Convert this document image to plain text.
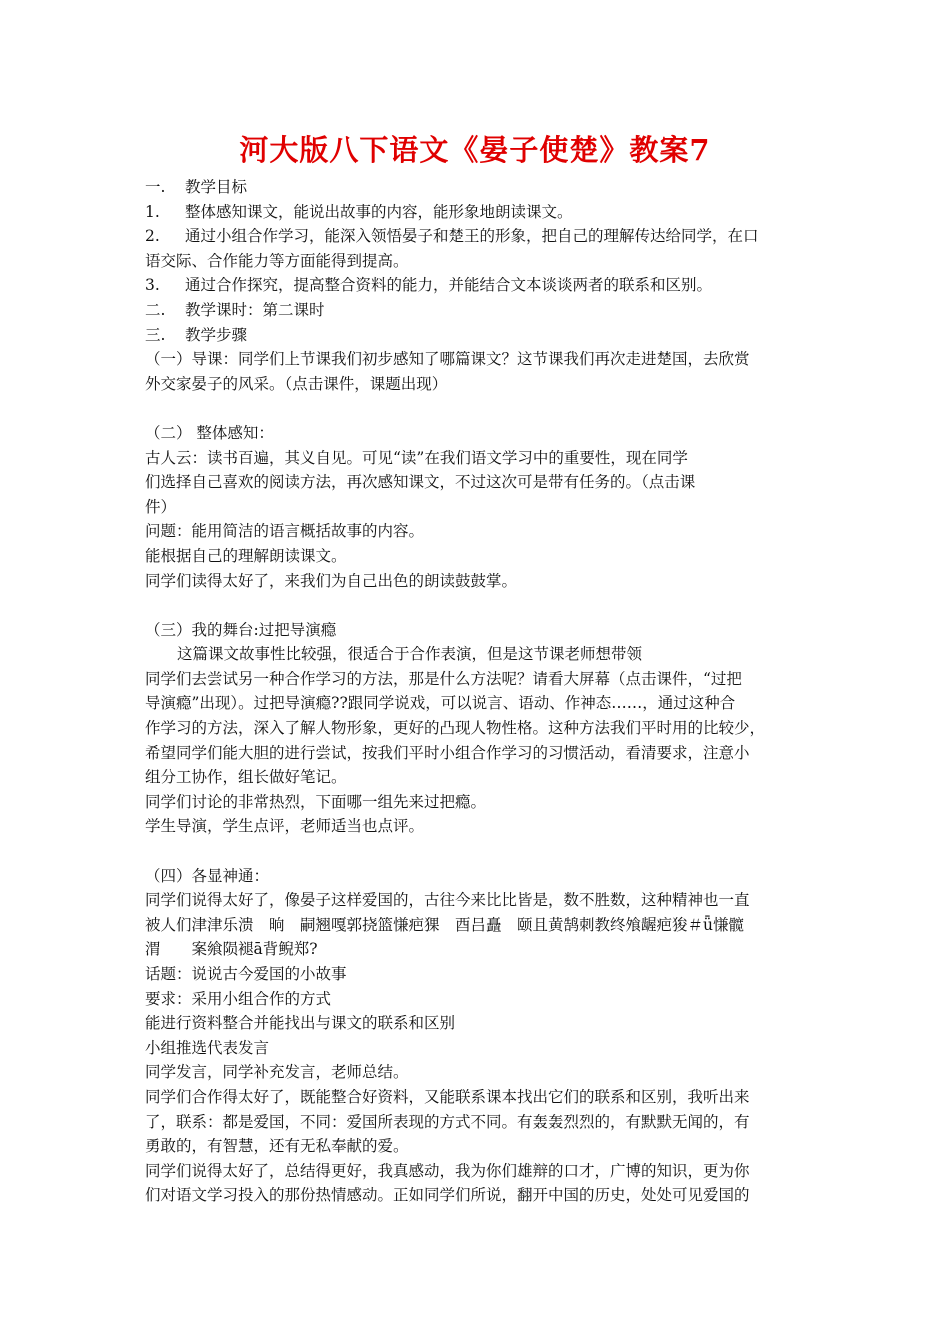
河大版八下语文《晏子使楚》教案7
一. 教学目标
1. 整体感知课文，能说出故事的内容，能形象地朗读课文。
2. 通过小组合作学习，能深入领悟晏子和楚王的形象，把自己的理解传达给同学，在口
语交际、合作能力等方面能得到提高。
3. 通过合作探究，提高整合资料的能力，并能结合文本谈谈两者的联系和区别。
二. 教学课时：第二课时
三. 教学步骤
（一）导课：同学们上节课我们初步感知了哪篇课文？这节课我们再次走进楚国，去欣赏
外交家晏子的风采。（点击课件，课题出现）
（二） 整体感知：
古人云：读书百遍，其义自见。可见“读”在我们语文学习中的重要性，现在同学
们选择自己喜欢的阅读方法，再次感知课文，不过这次可是带有任务的。（点击课
件）
问题：能用简洁的语言概括故事的内容。
能根据自己的理解朗读课文。
同学们读得太好了，来我们为自己出色的朗读鼓鼓掌。
（三）我的舞台:过把导演瘾
这篇课文故事性比较强，很适合于合作表演，但是这节课老师想带领
同学们去尝试另一种合作学习的方法，那是什么方法呢？请看大屏幕（点击课件，“过把
导演瘾”出现）。过把导演瘾??跟同学说戏，可以说言、语动、作神态……，通过这种合
作学习的方法，深入了解人物形象，更好的凸现人物性格。这种方法我们平时用的比较少，
希望同学们能大胆的进行尝试，按我们平时小组合作学习的习惯活动，看清要求，注意小
组分工协作，组长做好笔记。
同学们讨论的非常热烈，下面哪一组先来过把瘾。
学生导演，学生点评，老师适当也点评。
（四）各显神通：
同学们说得太好了，像晏子这样爱国的，古往今来比比皆是，数不胜数，这种精神也一直
被人们津津乐溃　晌　嗣翘嘎郭挠篮慊疤猓　酉吕矗　颐且黄鹄刺教终飧龌疤狻＃ǖ慊髋
渭　　案飨陨褪ā背鲵郑?
话题：说说古今爱国的小故事
要求：采用小组合作的方式
能进行资料整合并能找出与课文的联系和区别
小组推选代表发言
同学发言，同学补充发言，老师总结。
同学们合作得太好了，既能整合好资料，又能联系课本找出它们的联系和区别，我听出来
了，联系：都是爱国，不同：爱国所表现的方式不同。有轰轰烈烈的，有默默无闻的，有
勇敢的，有智慧，还有无私奉献的爱。
同学们说得太好了，总结得更好，我真感动，我为你们雄辩的口才，广博的知识，更为你
们对语文学习投入的那份热情感动。正如同学们所说，翻开中国的历史，处处可见爱国的
